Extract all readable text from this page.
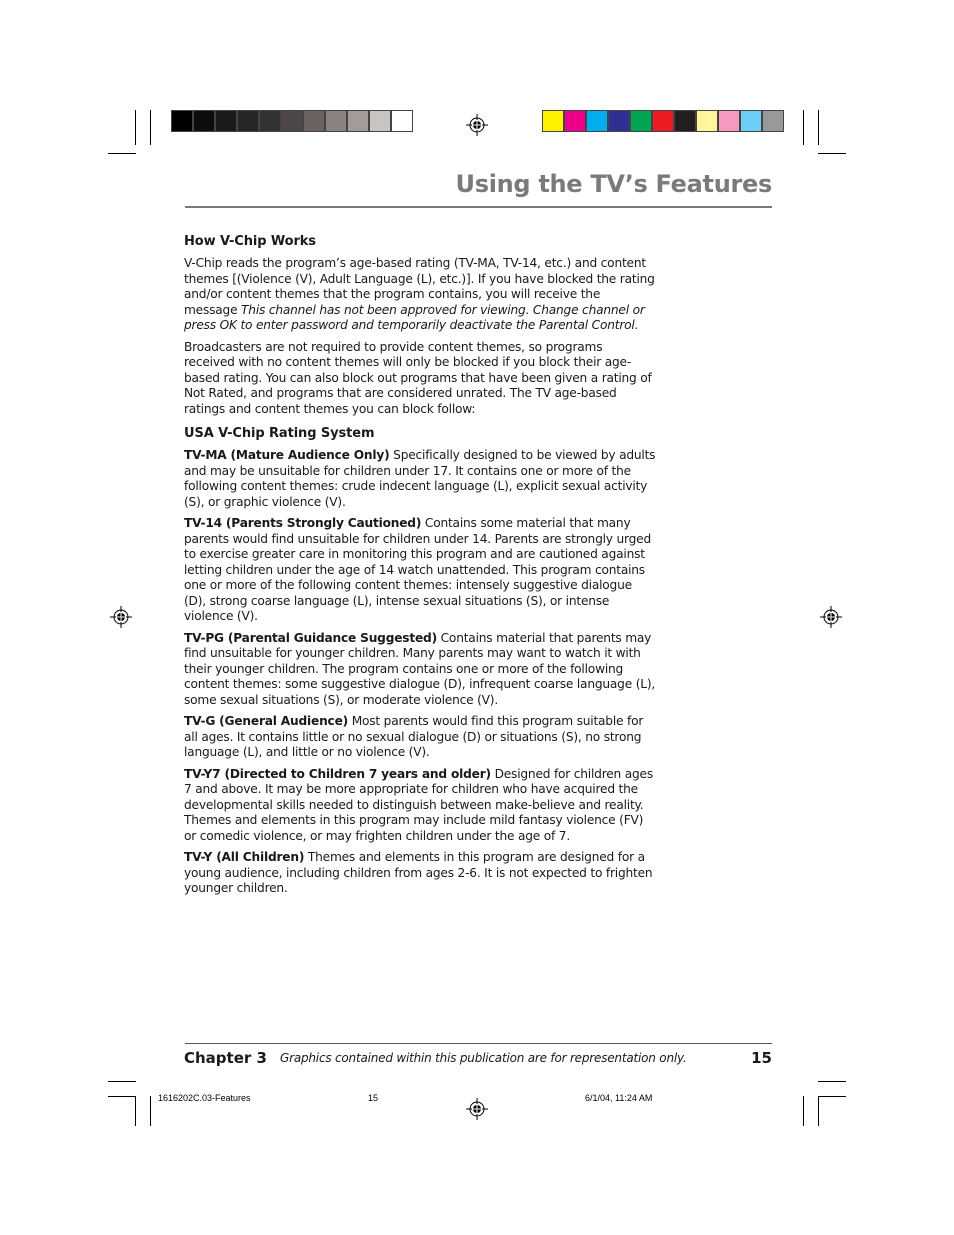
Using the TV’s Features
How V-Chip Works

V-Chip reads the program’s age-based rating (TV-MA, TV-14, etc.) and content themes [(Violence (V), Adult Language (L), etc.)]. If you have blocked the rating and/or content themes that the program contains, you will receive the message This channel has not been approved for viewing. Change channel or press OK to enter password and temporarily deactivate the Parental Control.

Broadcasters are not required to provide content themes, so programs received with no content themes will only be blocked if you block their age-based rating. You can also block out programs that have been given a rating of Not Rated, and programs that are considered unrated. The TV age-based ratings and content themes you can block follow:

USA V-Chip Rating System

TV-MA (Mature Audience Only) Specifically designed to be viewed by adults and may be unsuitable for children under 17. It contains one or more of the following content themes: crude indecent language (L), explicit sexual activity (S), or graphic violence (V).

TV-14 (Parents Strongly Cautioned) Contains some material that many parents would find unsuitable for children under 14. Parents are strongly urged to exercise greater care in monitoring this program and are cautioned against letting children under the age of 14 watch unattended. This program contains one or more of the following content themes: intensely suggestive dialogue (D), strong coarse language (L), intense sexual situations (S), or intense violence (V).

TV-PG (Parental Guidance Suggested) Contains material that parents may find unsuitable for younger children. Many parents may want to watch it with their younger children. The program contains one or more of the following content themes: some suggestive dialogue (D), infrequent coarse language (L), some sexual situations (S), or moderate violence (V).

TV-G (General Audience) Most parents would find this program suitable for all ages. It contains little or no sexual dialogue (D) or situations (S), no strong language (L), and little or no violence (V).

TV-Y7 (Directed to Children 7 years and older) Designed for children ages 7 and above. It may be more appropriate for children who have acquired the developmental skills needed to distinguish between make-believe and reality. Themes and elements in this program may include mild fantasy violence (FV) or comedic violence, or may frighten children under the age of 7.

TV-Y (All Children) Themes and elements in this program are designed for a young audience, including children from ages 2-6. It is not expected to frighten younger children.

Chapter 3 Graphics contained within this publication are for representation only.	15
1616202C.03-Features	15	6/1/04, 11:24 AM
